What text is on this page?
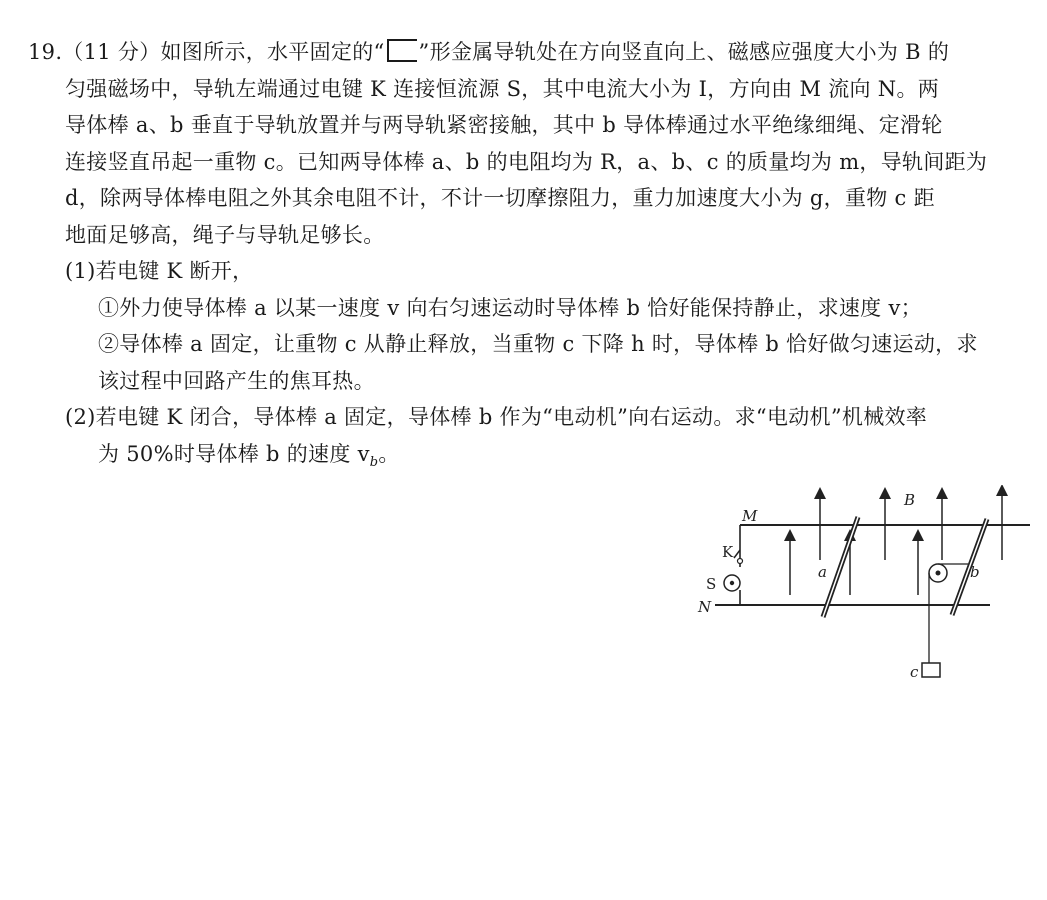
19.（11 分）如图所示，水平固定的“ ”形金属导轨处在方向竖直向上、磁感应强度大小为 B 的
匀强磁场中，导轨左端通过电键 K 连接恒流源 S，其中电流大小为 I，方向由 M 流向 N。两
导体棒 a、b 垂直于导轨放置并与两导轨紧密接触，其中 b 导体棒通过水平绝缘细绳、定滑轮
连接竖直吊起一重物 c。已知两导体棒 a、b 的电阻均为 R，a、b、c 的质量均为 m，导轨间距为
d，除两导体棒电阻之外其余电阻不计，不计一切摩擦阻力，重力加速度大小为 g，重物 c 距
地面足够高，绳子与导轨足够长。
(1)若电键 K 断开，
①外力使导体棒 a 以某一速度 v 向右匀速运动时导体棒 b 恰好能保持静止，求速度 v；
②导体棒 a 固定，让重物 c 从静止释放，当重物 c 下降 h 时，导体棒 b 恰好做匀速运动，求
该过程中回路产生的焦耳热。
(2)若电键 K 闭合，导体棒 a 固定，导体棒 b 作为“电动机”向右运动。求“电动机”机械效率
为 50%时导体棒 b 的速度 $v_b$。
M
N
K
S
a	b
c
B
